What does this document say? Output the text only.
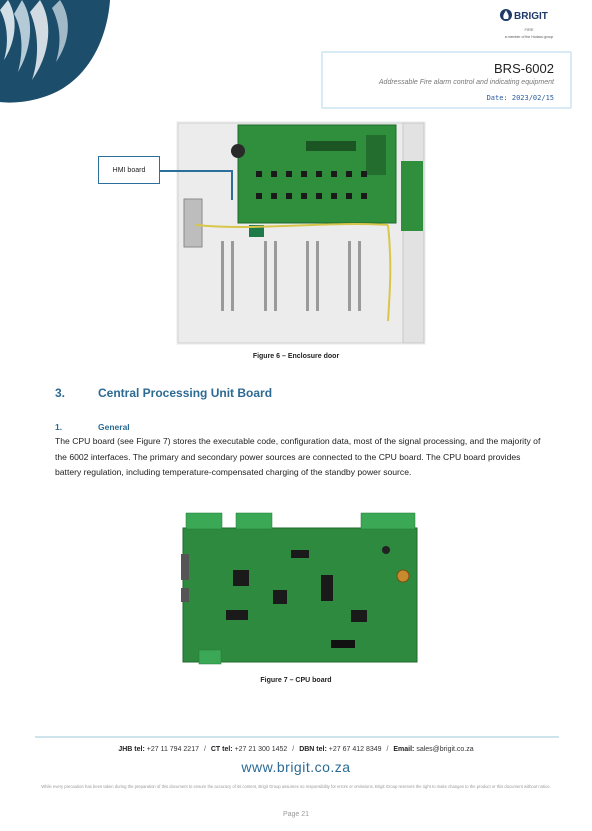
BRIGIT
FIRE
a member of the Hudaco group
BRS-6002
Addressable Fire alarm control and indicating equipment
Date: 2023/02/15
HMI board
Figure 6 – Enclosure door
3.	Central Processing Unit Board
1.	General

The CPU board (see Figure 7) stores the executable code, configuration data, most of the signal processing, and the majority of the 6002 interfaces. The primary and secondary power sources are connected to the CPU board. The CPU board provides battery regulation, including temperature-compensated charging of the standby power source.

Figure 7 – CPU board
JHB tel: +27 11 794 2217 / CT tel: +27 21 300 1452 / DBN tel: +27 67 412 8349 / Email: sales@brigit.co.za
www.brigit.co.za
While every precaution has been taken during the preparation of this document to ensure the accuracy of its content, Brigit Group assumes no responsibility for errors or omissions. Brigit Group reserves the right to make changes to the product or this document without notice.
Page 21
